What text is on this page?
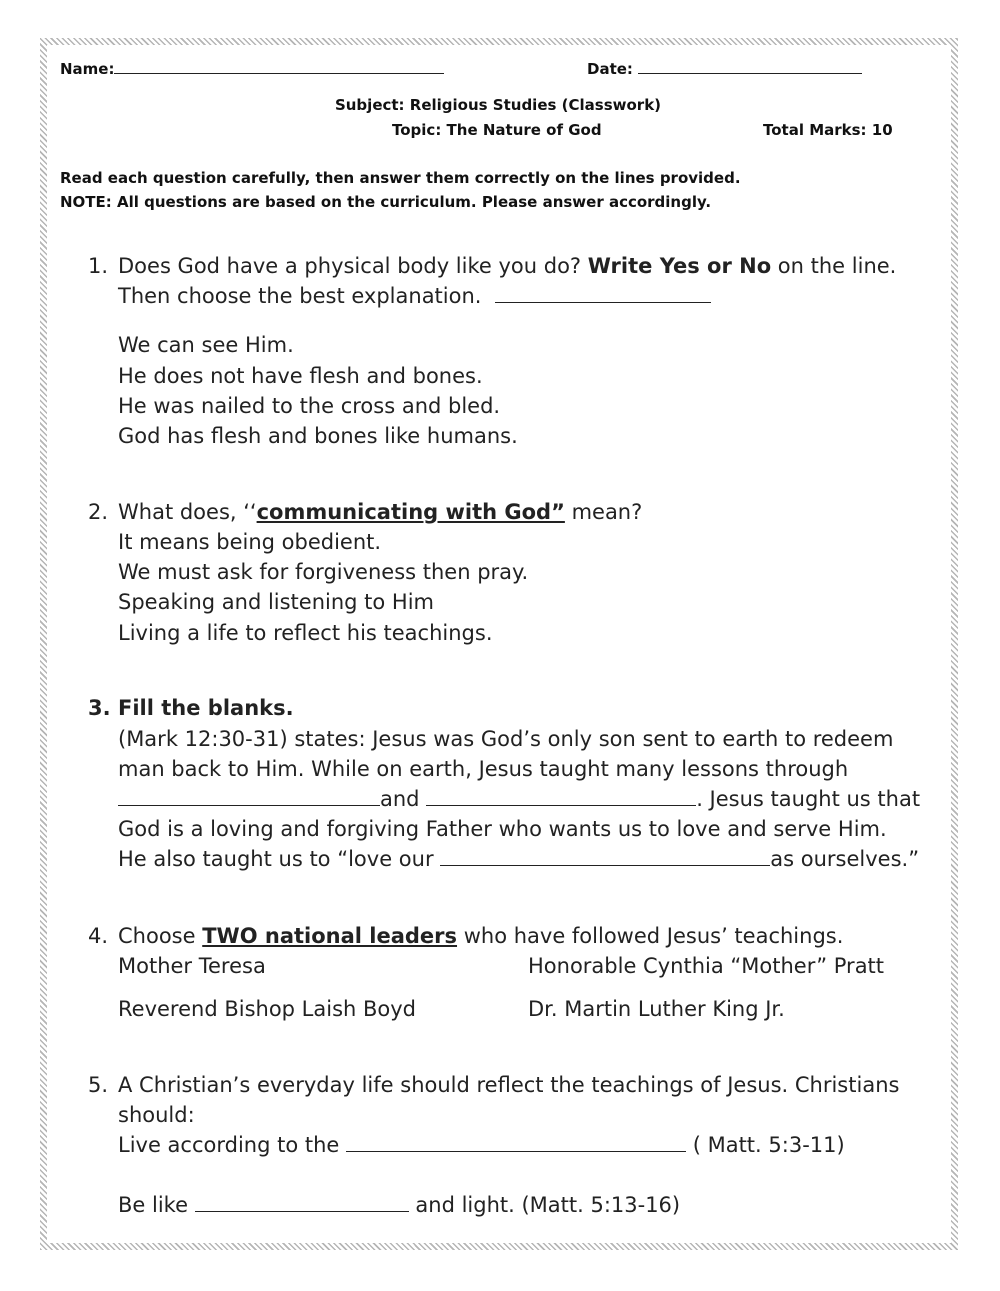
Name:	Date:
Subject: Religious Studies (Classwork)
Topic: The Nature of God	Total Marks: 10
Read each question carefully, then answer them correctly on the lines provided.
NOTE: All questions are based on the curriculum. Please answer accordingly.
1. Does God have a physical body like you do? Write Yes or No on the line.
Then choose the best explanation.
We can see Him.
He does not have flesh and bones.
He was nailed to the cross and bled.
God has flesh and bones like humans.
2. What does, ‘‘communicating with God” mean?
It means being obedient.
We must ask for forgiveness then pray.
Speaking and listening to Him
Living a life to reflect his teachings.
3. Fill the blanks.
(Mark 12:30-31) states: Jesus was God’s only son sent to earth to redeem
man back to Him. While on earth, Jesus taught many lessons through
and	. Jesus taught us that
God is a loving and forgiving Father who wants us to love and serve Him.
He also taught us to “love our	as ourselves.”
4. Choose TWO national leaders who have followed Jesus’ teachings.
Mother Teresa	Honorable Cynthia “Mother” Pratt
Reverend Bishop Laish Boyd	Dr. Martin Luther King Jr.
5. A Christian’s everyday life should reflect the teachings of Jesus. Christians
should:
Live according to the	( Matt. 5:3-11)
Be like	and light. (Matt. 5:13-16)
